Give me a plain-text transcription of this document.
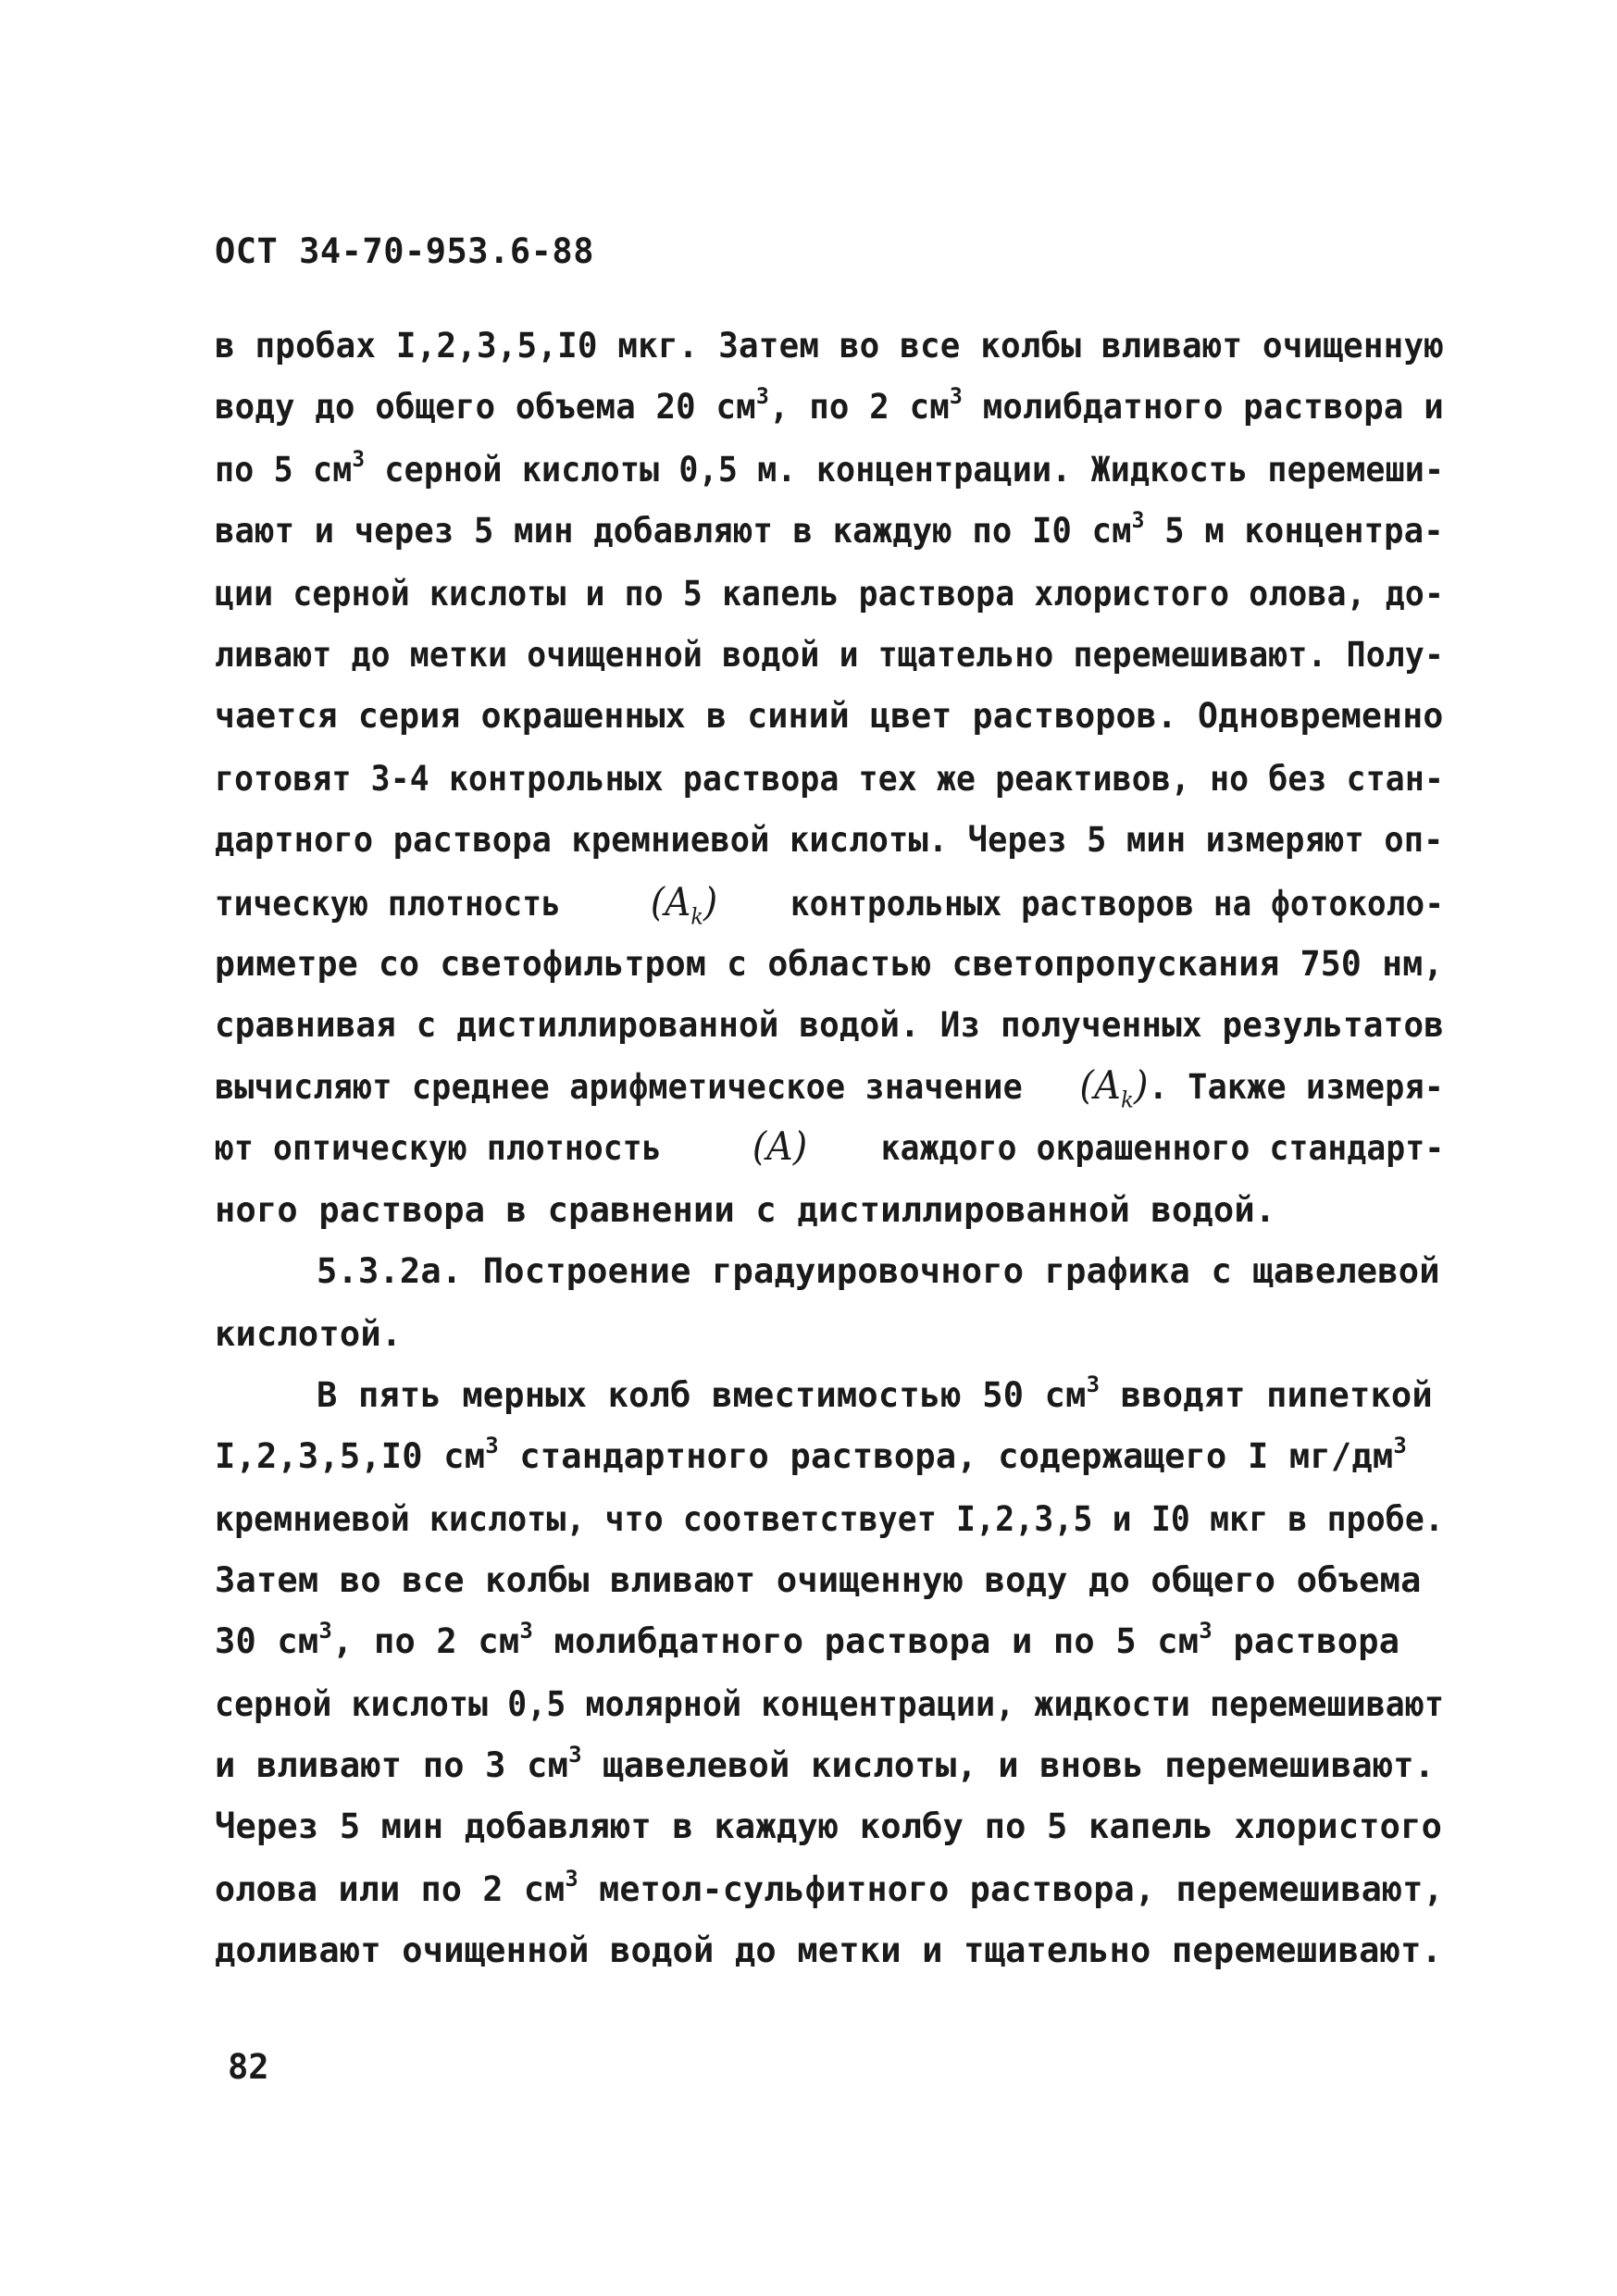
ОСТ 34-70-953.6-88
в пробах I,2,3,5,I0 мкг. Затем во все колбы вливают очищенную
воду до общего объема 20 $см^3$, по 2 $см^3$ молибдатного раствора и
по 5 $см^3$ серной кислоты 0,5 м. концентрации. Жидкость перемеши-
вают и через 5 мин добавляют в каждую по I0 $см^3$ 5 м концентра-
ции серной кислоты и по 5 капель раствора хлористого олова, до-
ливают до метки очищенной водой и тщательно перемешивают. Полу-
чается серия окрашенных в синий цвет растворов. Одновременно
готовят 3-4 контрольных раствора тех же реактивов, но без стан-
дартного раствора кремниевой кислоты. Через 5 мин измеряют оп-
тическую плотность $(A_k)$ контрольных растворов на фотоколо-
риметре со светофильтром с областью светопропускания 750 нм,
сравнивая с дистиллированной водой. Из полученных результатов
вычисляют среднее арифметическое значение $(A_k)$. Также измеря-
ют оптическую плотность (A) каждого окрашенного стандарт-
ного раствора в сравнении с дистиллированной водой.
5.3.2а. Построение градуировочного графика с щавелевой
кислотой.
В пять мерных колб вместимостью 50 $см^3$ вводят пипеткой
I,2,3,5,I0 $см^3$ стандартного раствора, содержащего I $мг/дм^3$
кремниевой кислоты, что соответствует I,2,3,5 и I0 мкг в пробе.
Затем во все колбы вливают очищенную воду до общего объема
30 $см^3$, по 2 $см^3$ молибдатного раствора и по 5 $см^3$ раствора
серной кислоты 0,5 молярной концентрации, жидкости перемешивают
и вливают по 3 $см^3$ щавелевой кислоты, и вновь перемешивают.
Через 5 мин добавляют в каждую колбу по 5 капель хлористого
олова или по 2 $см^3$ метол-сульфитного раствора, перемешивают,
доливают очищенной водой до метки и тщательно перемешивают.
82
